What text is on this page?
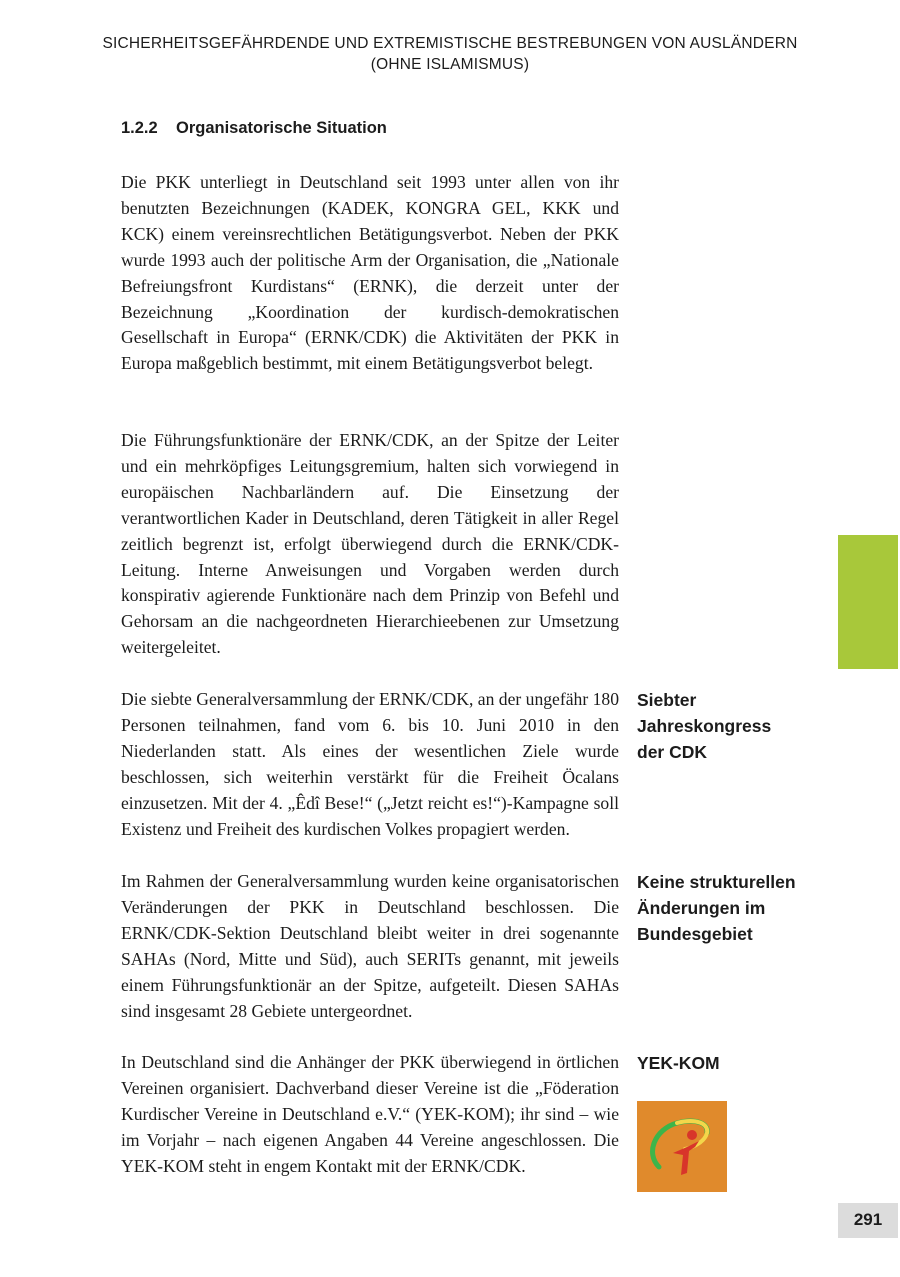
SICHERHEITSGEFÄHRDENDE UND EXTREMISTISCHE BESTREBUNGEN VON AUSLÄNDERN
(OHNE ISLAMISMUS)
1.2.2 Organisatorische Situation

Die PKK unterliegt in Deutschland seit 1993 unter allen von ihr benutzten Bezeichnungen (KADEK, KONGRA GEL, KKK und KCK) einem vereinsrechtlichen Betätigungsverbot. Neben der PKK wurde 1993 auch der politische Arm der Organisation, die „Nationale Befreiungsfront Kurdistans“ (ERNK), die derzeit unter der Bezeichnung „Koordination der kurdisch-demokratischen Gesellschaft in Europa“ (ERNK/CDK) die Aktivitäten der PKK in Europa maßgeblich bestimmt, mit einem Betätigungsverbot belegt.

Die Führungsfunktionäre der ERNK/CDK, an der Spitze der Leiter und ein mehrköpfiges Leitungsgremium, halten sich vorwiegend in europäischen Nachbarländern auf. Die Einsetzung der verantwortlichen Kader in Deutschland, deren Tätigkeit in aller Regel zeitlich begrenzt ist, erfolgt überwiegend durch die ERNK/CDK-Leitung. Interne Anweisungen und Vorgaben werden durch konspirativ agierende Funktionäre nach dem Prinzip von Befehl und Gehorsam an die nachgeordneten Hierarchieebenen zur Umsetzung weitergeleitet.

Die siebte Generalversammlung der ERNK/CDK, an der ungefähr 180 Personen teilnahmen, fand vom 6. bis 10. Juni 2010 in den Niederlanden statt. Als eines der wesentlichen Ziele wurde beschlossen, sich weiterhin verstärkt für die Freiheit Öcalans einzusetzen. Mit der 4. „Êdî Bese!“ („Jetzt reicht es!“)-Kampagne soll Existenz und Freiheit des kurdischen Volkes propagiert werden.

Im Rahmen der Generalversammlung wurden keine organisatorischen Veränderungen der PKK in Deutschland beschlossen. Die ERNK/CDK-Sektion Deutschland bleibt weiter in drei sogenannte SAHAs (Nord, Mitte und Süd), auch SERITs genannt, mit jeweils einem Führungsfunktionär an der Spitze, aufgeteilt. Diesen SAHAs sind insgesamt 28 Gebiete untergeordnet.

In Deutschland sind die Anhänger der PKK überwiegend in örtlichen Vereinen organisiert. Dachverband dieser Vereine ist die „Föderation Kurdischer Vereine in Deutschland e.V.“ (YEK-KOM); ihr sind – wie im Vorjahr – nach eigenen Angaben 44 Vereine angeschlossen. Die YEK-KOM steht in engem Kontakt mit der ERNK/CDK.

Siebter Jahreskongress der CDK
Keine strukturellen Änderungen im Bundesgebiet
YEK-KOM
291
